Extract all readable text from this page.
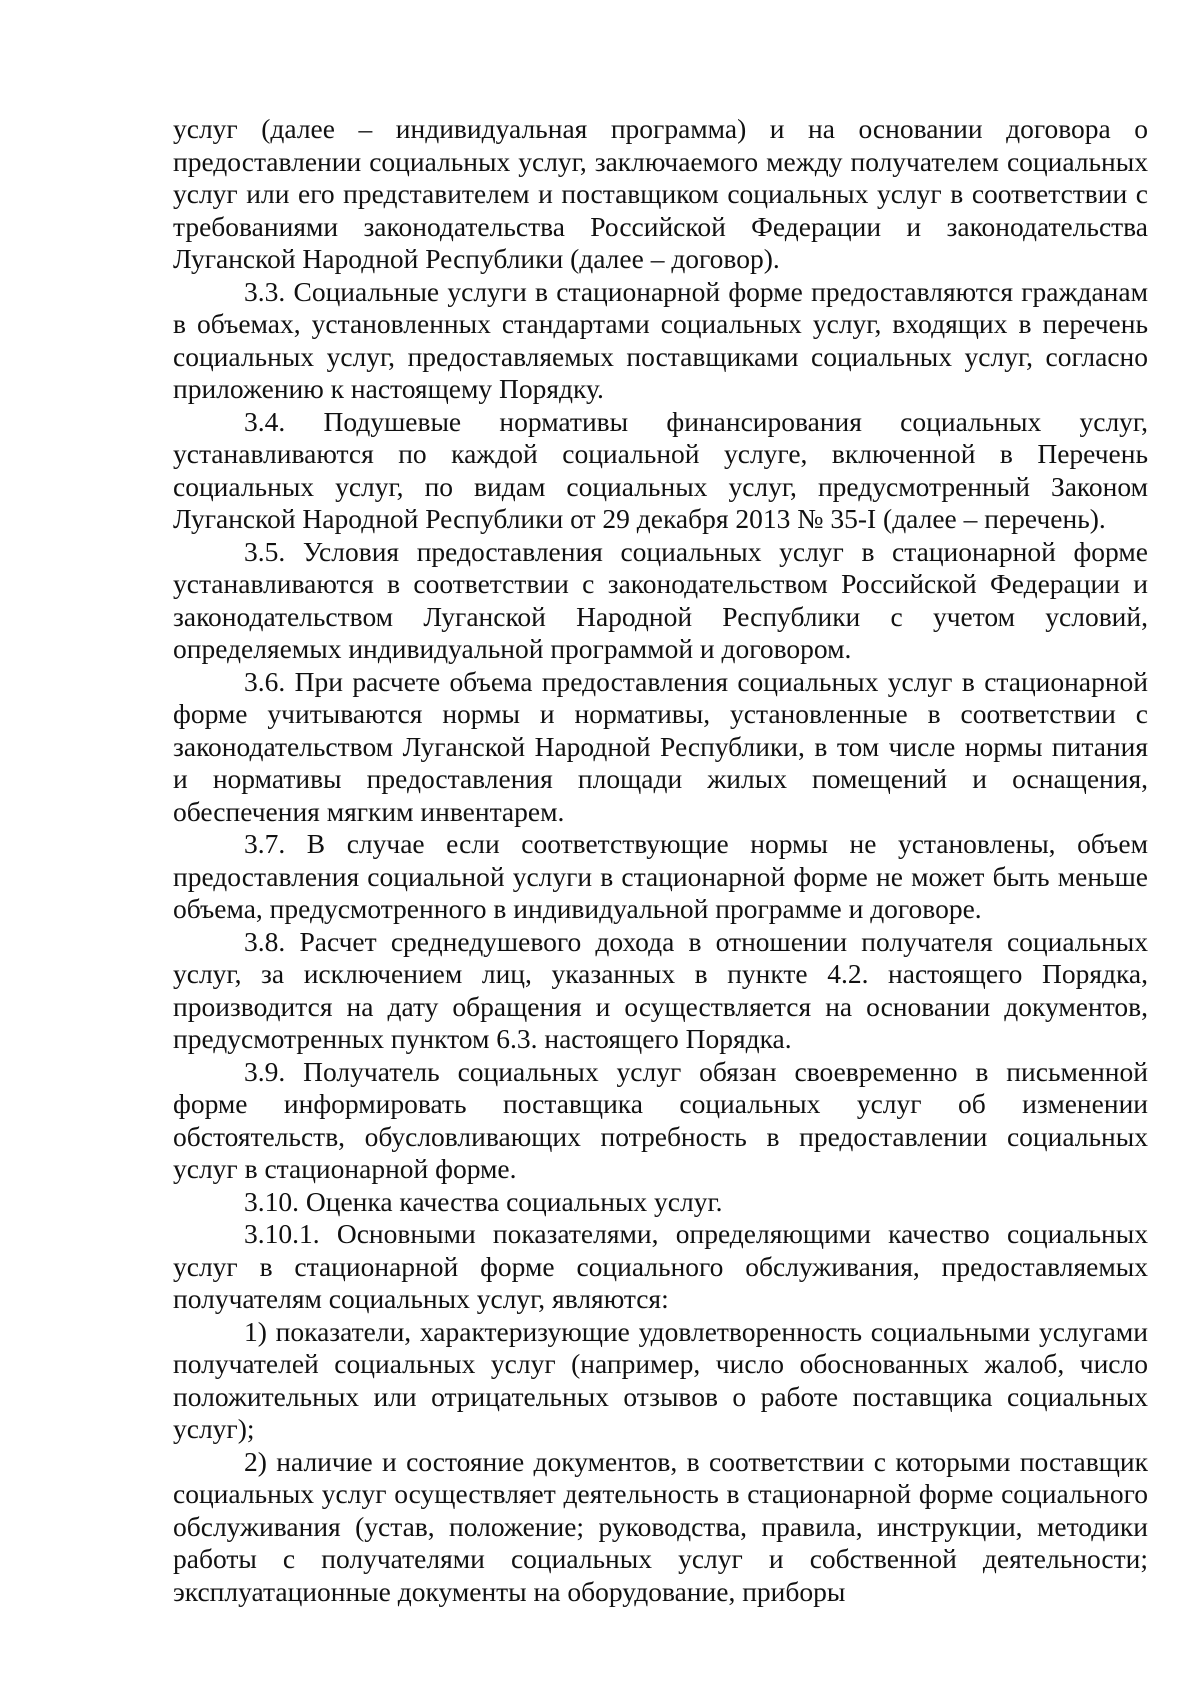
услуг (далее – индивидуальная программа) и на основании договора о предоставлении социальных услуг, заключаемого между получателем социальных услуг или его представителем и поставщиком социальных услуг в соответствии с требованиями законодательства Российской Федерации и законодательства Луганской Народной Республики (далее – договор).

3.3. Социальные услуги в стационарной форме предоставляются гражданам в объемах, установленных стандартами социальных услуг, входящих в перечень социальных услуг, предоставляемых поставщиками социальных услуг, согласно приложению к настоящему Порядку.

3.4. Подушевые нормативы финансирования социальных услуг, устанавливаются по каждой социальной услуге, включенной в Перечень социальных услуг, по видам социальных услуг, предусмотренный Законом Луганской Народной Республики от 29 декабря 2013 № 35-I (далее – перечень).

3.5. Условия предоставления социальных услуг в стационарной форме устанавливаются в соответствии с законодательством Российской Федерации и законодательством Луганской Народной Республики с учетом условий, определяемых индивидуальной программой и договором.

3.6. При расчете объема предоставления социальных услуг в стационарной форме учитываются нормы и нормативы, установленные в соответствии с законодательством Луганской Народной Республики, в том числе нормы питания и нормативы предоставления площади жилых помещений и оснащения, обеспечения мягким инвентарем.

3.7. В случае если соответствующие нормы не установлены, объем предоставления социальной услуги в стационарной форме не может быть меньше объема, предусмотренного в индивидуальной программе и договоре.

3.8. Расчет среднедушевого дохода в отношении получателя социальных услуг, за исключением лиц, указанных в пункте 4.2. настоящего Порядка, производится на дату обращения и осуществляется на основании документов, предусмотренных пунктом 6.3. настоящего Порядка.

3.9. Получатель социальных услуг обязан своевременно в письменной форме информировать поставщика социальных услуг об изменении обстоятельств, обусловливающих потребность в предоставлении социальных услуг в стационарной форме.

3.10. Оценка качества социальных услуг.

3.10.1. Основными показателями, определяющими качество социальных услуг в стационарной форме социального обслуживания, предоставляемых получателям социальных услуг, являются:

1) показатели, характеризующие удовлетворенность социальными услугами получателей социальных услуг (например, число обоснованных жалоб, число положительных или отрицательных отзывов о работе поставщика социальных услуг);

2) наличие и состояние документов, в соответствии с которыми поставщик социальных услуг осуществляет деятельность в стационарной форме социального обслуживания (устав, положение; руководства, правила, инструкции, методики работы с получателями социальных услуг и собственной деятельности; эксплуатационные документы на оборудование, приборы
